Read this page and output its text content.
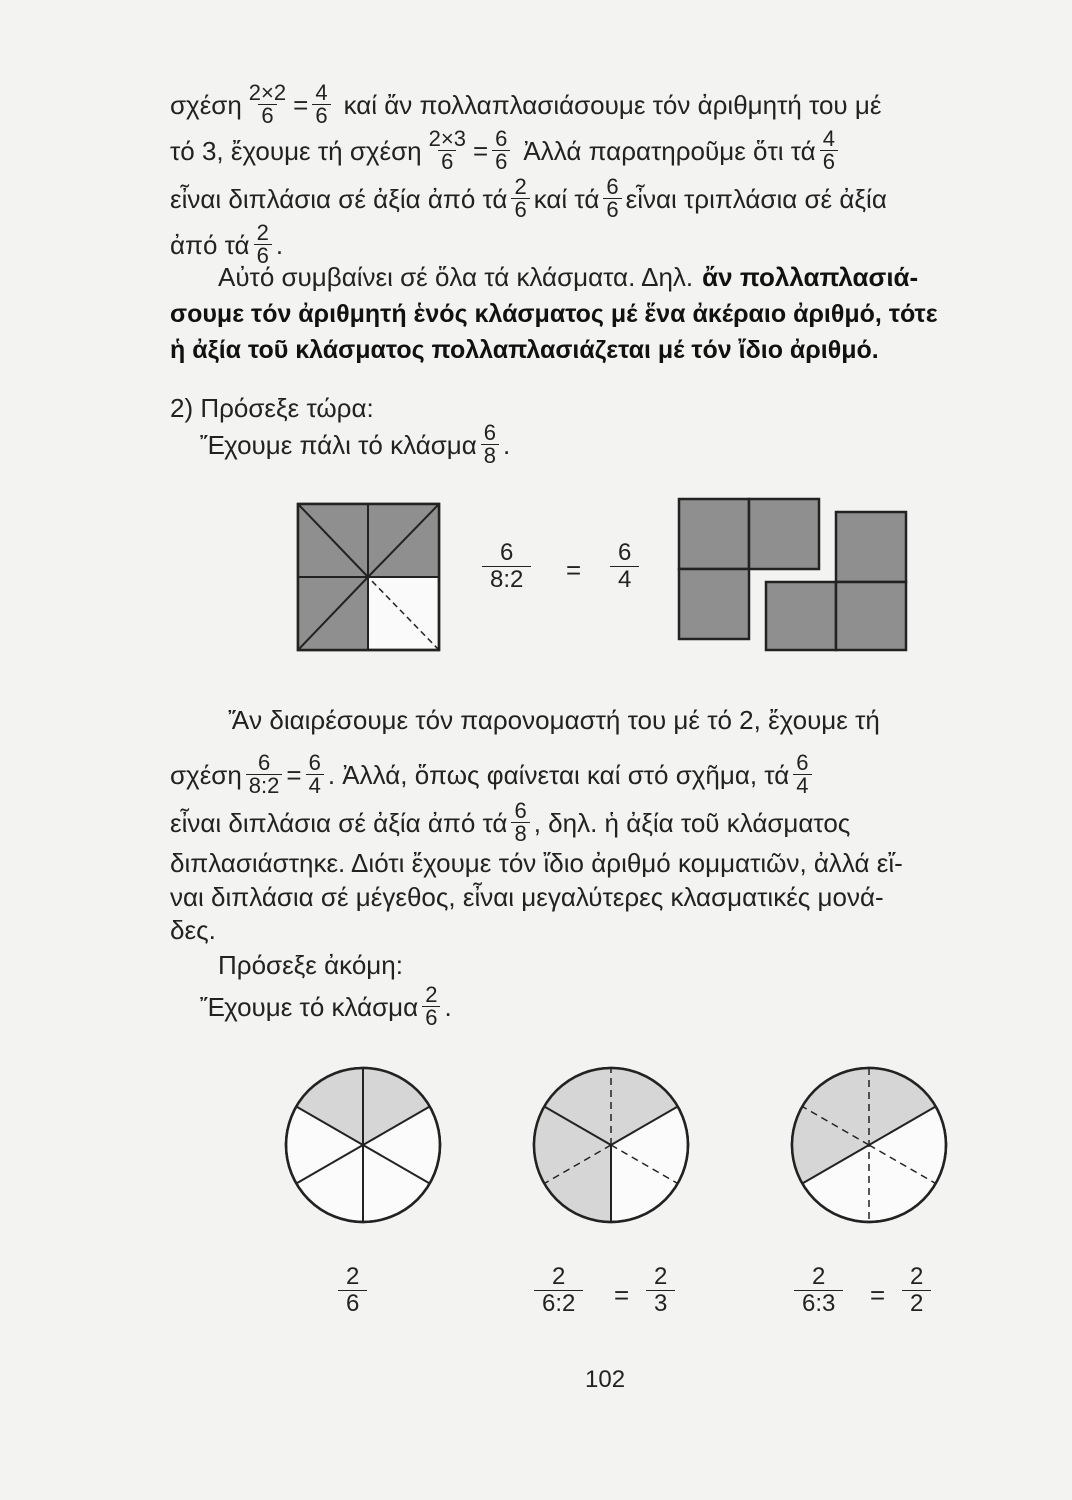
σχέση $\frac{2\times 2}{6} = \frac{4}{6}$ καί ἄν πολλαπλασιάσουμε τόν ἀριθμητή του μέ
τό 3, ἔχουμε τή σχέση $\frac{2\times 3}{6} = \frac{6}{6}$ Ἀλλά παρατηροῦμε ὅτι τά $\frac{4}{6}$
εἶναι διπλάσια σέ ἀξία ἀπό τά $\frac{2}{6}$ καί τά $\frac{6}{6}$ εἶναι τριπλάσια σέ ἀξία
ἀπό τά $\frac{2}{6}$ .
Αὐτό συμβαίνει σέ ὅλα τά κλάσματα. Δηλ. ἄν πολλαπλασιά-
σουμε τόν ἀριθμητή ἑνός κλάσματος μέ ἕνα ἀκέραιο ἀριθμό, τότε
ἡ ἀξία τοῦ κλάσματος πολλαπλασιάζεται μέ τόν ἴδιο ἀριθμό.
2) Πρόσεξε τώρα:
Ἔχουμε πάλι τό κλάσμα $\frac{6}{8}$ .
$\frac{6}{8:2} = \frac{6}{4}$
Ἄν διαιρέσουμε τόν παρονομαστή του μέ τό 2, ἔχουμε τή
σχέση $\frac{6}{8:2} = \frac{6}{4}$ . Ἀλλά, ὅπως φαίνεται καί στό σχῆμα, τά $\frac{6}{4}$
εἶναι διπλάσια σέ ἀξία ἀπό τά $\frac{6}{8}$ , δηλ. ἡ ἀξία τοῦ κλάσματος
διπλασιάστηκε. Διότι ἔχουμε τόν ἴδιο ἀριθμό κομματιῶν, ἀλλά εἴ-
ναι διπλάσια σέ μέγεθος, εἶναι μεγαλύτερες κλασματικές μονά-
δες.
Πρόσεξε ἀκόμη:
Ἔχουμε τό κλάσμα $\frac{2}{6}$ .
$\frac{2}{6}$	$\frac{2}{6:2} = \frac{2}{3}$	$\frac{2}{6:3} = \frac{2}{2}$
102
